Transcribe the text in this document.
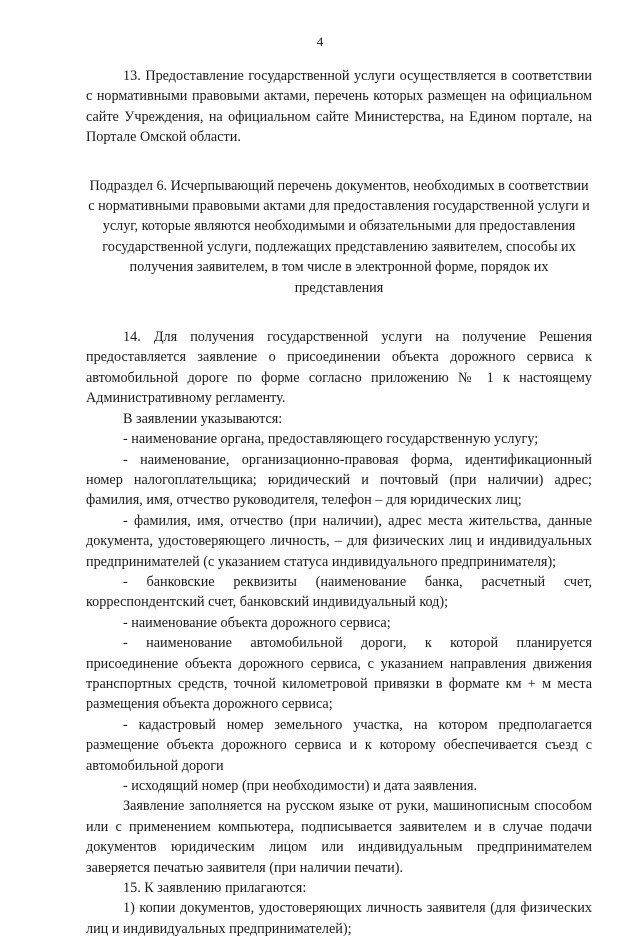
4

13. Предоставление государственной услуги осуществляется в соответствии с нормативными правовыми актами, перечень которых размещен на официальном сайте Учреждения, на официальном сайте Министерства, на Едином портале, на Портале Омской области.

Подраздел 6. Исчерпывающий перечень документов, необходимых в соответствии с нормативными правовыми актами для предоставления государственной услуги и услуг, которые являются необходимыми и обязательными для предоставления государственной услуги, подлежащих представлению заявителем, способы их получения заявителем, в том числе в электронной форме, порядок их представления

14. Для получения государственной услуги на получение Решения предоставляется заявление о присоединении объекта дорожного сервиса к автомобильной дороге по форме согласно приложению № 1 к настоящему Административному регламенту.

В заявлении указываются:

- наименование органа, предоставляющего государственную услугу;

- наименование, организационно-правовая форма, идентификационный номер налогоплательщика; юридический и почтовый (при наличии) адрес; фамилия, имя, отчество руководителя, телефон – для юридических лиц;

- фамилия, имя, отчество (при наличии), адрес места жительства, данные документа, удостоверяющего личность, – для физических лиц и индивидуальных предпринимателей (с указанием статуса индивидуального предпринимателя);

- банковские реквизиты (наименование банка, расчетный счет, корреспондентский счет, банковский индивидуальный код);

- наименование объекта дорожного сервиса;

- наименование автомобильной дороги, к которой планируется присоединение объекта дорожного сервиса, с указанием направления движения транспортных средств, точной километровой привязки в формате км + м места размещения объекта дорожного сервиса;

- кадастровый номер земельного участка, на котором предполагается размещение объекта дорожного сервиса и к которому обеспечивается съезд с автомобильной дороги

- исходящий номер (при необходимости) и дата заявления.

Заявление заполняется на русском языке от руки, машинописным способом или с применением компьютера, подписывается заявителем и в случае подачи документов юридическим лицом или индивидуальным предпринимателем заверяется печатью заявителя (при наличии печати).

15. К заявлению прилагаются:

1) копии документов, удостоверяющих личность заявителя (для физических лиц и индивидуальных предпринимателей);
